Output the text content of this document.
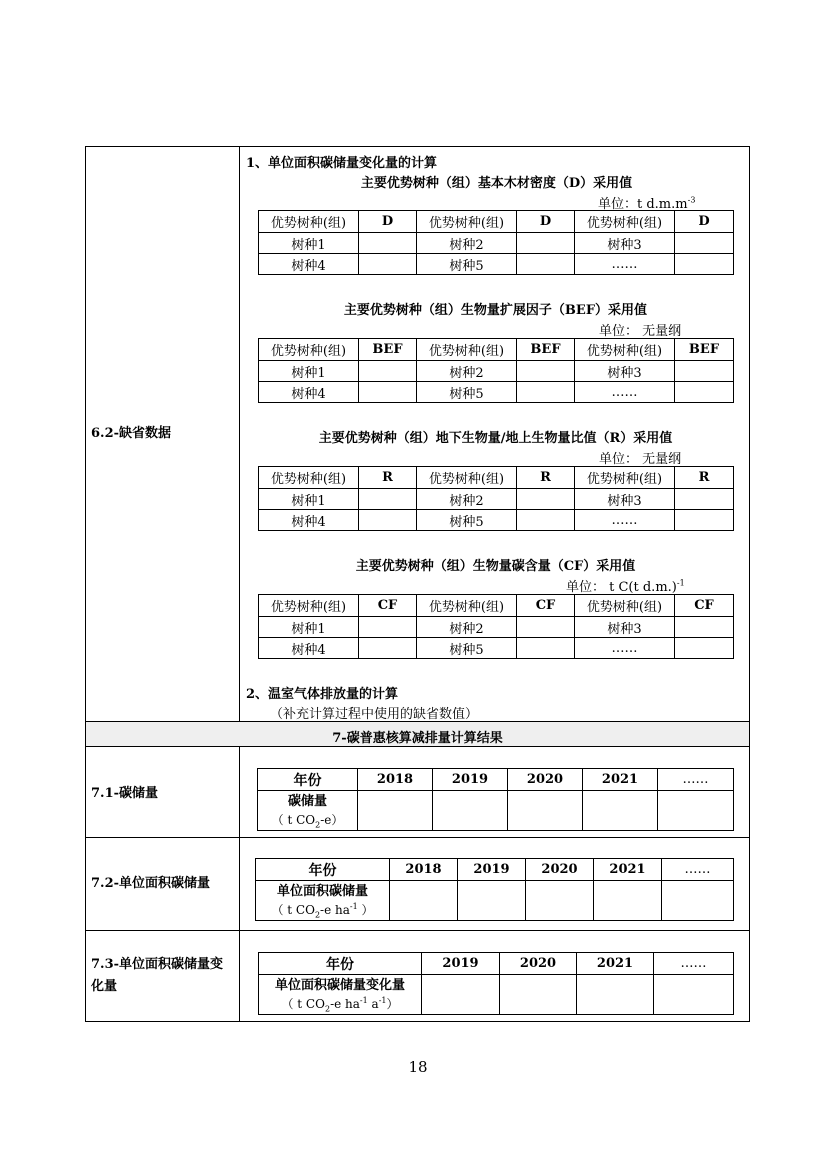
6.2-缺省数据
1、单位面积碳储量变化量的计算
主要优势树种（组）基本木材密度（D）采用值
单位：t $d.m.m^{-3}$
优势树种(组)	D	优势树种(组)	D	优势树种(组)	D
树种1		树种2		树种3	
树种4		树种5		……	
主要优势树种（组）生物量扩展因子（BEF）采用值
单位： 无量纲
优势树种(组)	BEF	优势树种(组)	BEF	优势树种(组)	BEF
树种1		树种2		树种3	
树种4		树种5		……	
主要优势树种（组）地下生物量/地上生物量比值（R）采用值
单位： 无量纲
优势树种(组)	R	优势树种(组)	R	优势树种(组)	R
树种1		树种2		树种3	
树种4		树种5		……	
主要优势树种（组）生物量碳含量（CF）采用值
单位： t C(t d.m.)$^{-1}$
优势树种(组)	CF	优势树种(组)	CF	优势树种(组)	CF
树种1		树种2		树种3	
树种4		树种5		……	
2、温室气体排放量的计算
（补充计算过程中使用的缺省数值）
7-碳普惠核算减排量计算结果
7.1-碳储量
年份	2018	2019	2020	2021	……

碳储量
（ t $CO_2-e$）					

7.2-单位面积碳储量
年份	2018	2019	2020	2021	……

单位面积碳储量
（ t $CO_2-e$ $ha^{-1}$ ）					

7.3-单位面积碳储量变
化量
年份	2019	2020	2021	……

单位面积碳储量变化量
（ t $CO_2-e$ $ha^{-1}$ $a^{-1}$）				

18
